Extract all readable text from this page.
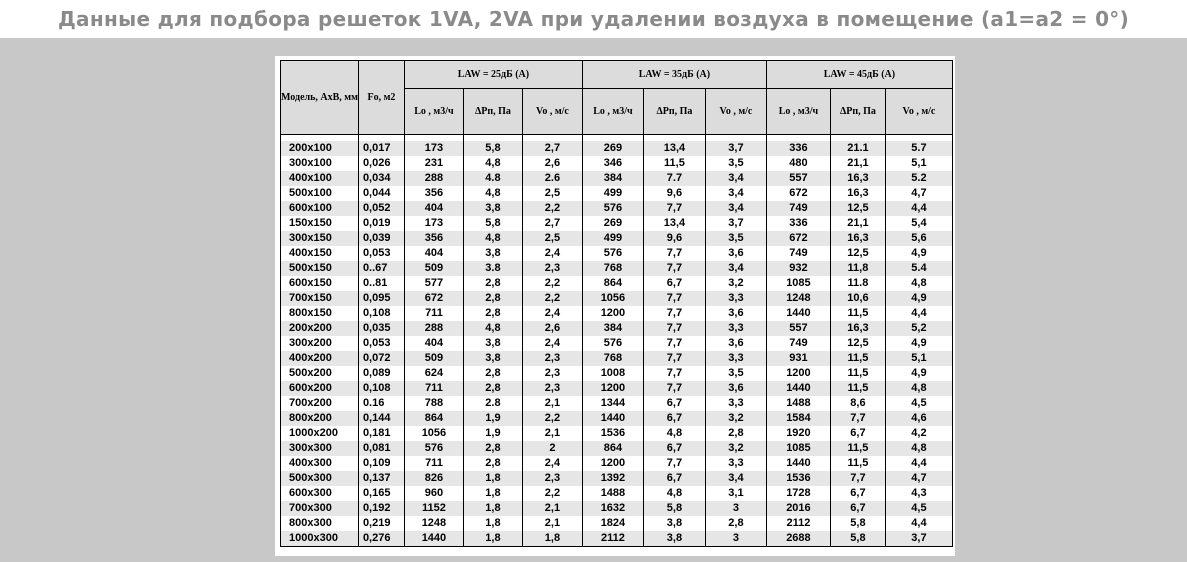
Данные для подбора решеток 1VA, 2VA при удалении воздуха в помещение (a1=a2 = 0°)
Модель, АхВ, мм	Fo, м2	LAW = 25дБ (А)			LAW = 35дБ (А)			LAW = 45дБ (А)		
		Lo , м3/ч	ΔPп, Па	Vo , м/с	Lo , м3/ч	ΔPп, Па	Vo , м/с	Lo , м3/ч	ΔPп, Па	Vo , м/с

200х100	0,017	173	5,8	2,7	269	13,4	3,7	336	21.1	5.7
300х100	0,026	231	4,8	2,6	346	11,5	3,5	480	21,1	5,1
400х100	0,034	288	4.8	2.6	384	7.7	3,4	557	16,3	5.2
500х100	0,044	356	4,8	2,5	499	9,6	3,4	672	16,3	4,7
600х100	0,052	404	3,8	2,2	576	7,7	3,4	749	12,5	4,4
150х150	0,019	173	5,8	2,7	269	13,4	3,7	336	21,1	5,4
300х150	0,039	356	4,8	2,5	499	9,6	3,5	672	16,3	5,6
400х150	0,053	404	3,8	2,4	576	7,7	3,6	749	12,5	4,9
500х150	0..67	509	3.8	2,3	768	7,7	3,4	932	11,8	5.4
600х150	0..81	577	2,8	2,2	864	6,7	3,2	1085	11.8	4,8
700х150	0,095	672	2,8	2,2	1056	7,7	3,3	1248	10,6	4,9
800х150	0,108	711	2,8	2,4	1200	7,7	3,6	1440	11,5	4,4
200х200	0,035	288	4,8	2,6	384	7,7	3,3	557	16,3	5,2
300х200	0,053	404	3,8	2,4	576	7,7	3,6	749	12,5	4,9
400х200	0,072	509	3,8	2,3	768	7,7	3,3	931	11,5	5,1
500х200	0,089	624	2,8	2,3	1008	7,7	3,5	1200	11,5	4,9
600х200	0,108	711	2,8	2,3	1200	7,7	3,6	1440	11,5	4,8
700х200	0.16	788	2.8	2,1	1344	6,7	3,3	1488	8,6	4,5
800х200	0,144	864	1,9	2,2	1440	6,7	3,2	1584	7,7	4,6
1000х200	0,181	1056	1,9	2,1	1536	4,8	2,8	1920	6,7	4,2
300х300	0,081	576	2,8	2	864	6,7	3,2	1085	11,5	4,8
400х300	0,109	711	2,8	2,4	1200	7,7	3,3	1440	11,5	4,4
500х300	0,137	826	1,8	2,3	1392	6,7	3,4	1536	7,7	4,7
600х300	0,165	960	1,8	2,2	1488	4,8	3,1	1728	6,7	4,3
700х300	0,192	1152	1,8	2,1	1632	5,8	3	2016	6,7	4,5
800х300	0,219	1248	1,8	2,1	1824	3,8	2,8	2112	5,8	4,4
1000х300	0,276	1440	1,8	1,8	2112	3,8	3	2688	5,8	3,7
